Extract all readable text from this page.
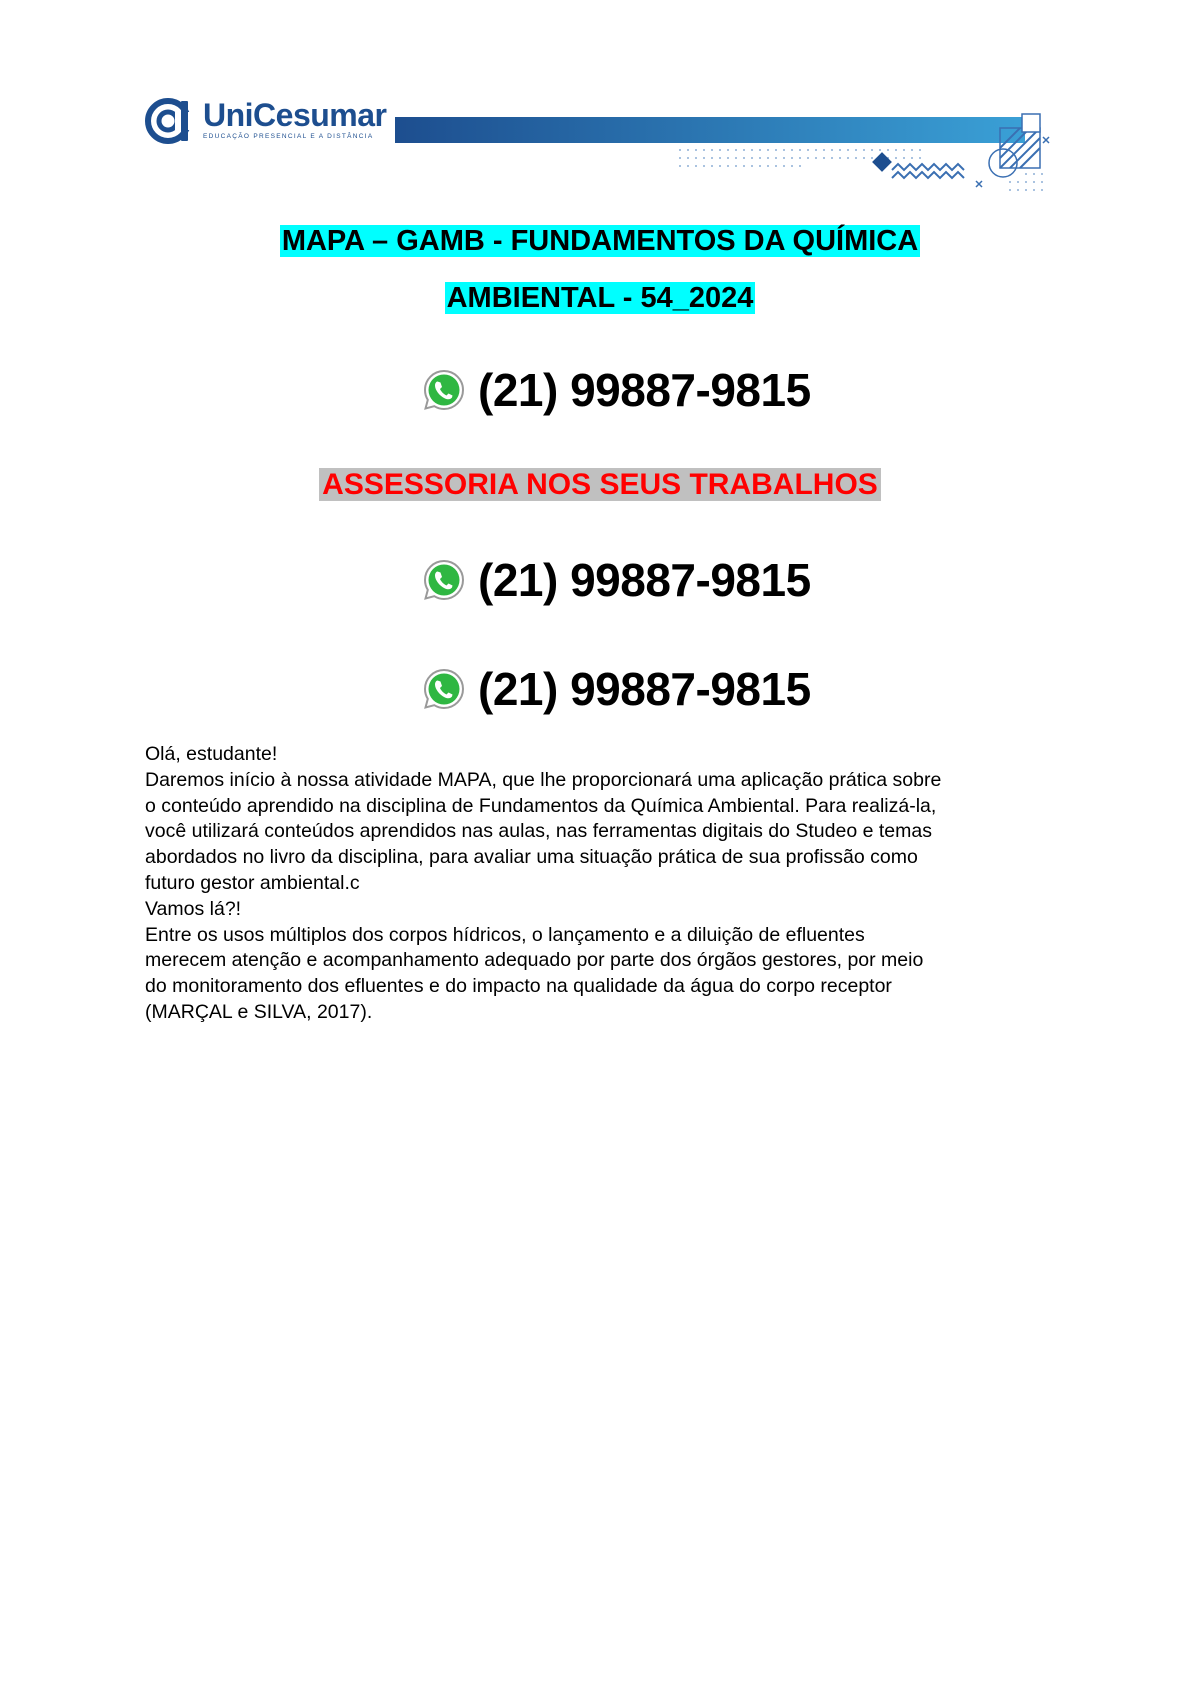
UniCesumar
EDUCAÇÃO PRESENCIAL E A DISTÂNCIA
MAPA – GAMB - FUNDAMENTOS DA QUÍMICA
AMBIENTAL - 54_2024
(21) 99887-9815
ASSESSORIA NOS SEUS TRABALHOS
(21) 99887-9815
(21) 99887-9815

Olá, estudante!

Daremos início à nossa atividade MAPA, que lhe proporcionará uma aplicação prática sobre

o conteúdo aprendido na disciplina de Fundamentos da Química Ambiental. Para realizá-la,

você utilizará conteúdos aprendidos nas aulas, nas ferramentas digitais do Studeo e temas

abordados no livro da disciplina, para avaliar uma situação prática de sua profissão como

futuro gestor ambiental.c

Vamos lá?!

Entre os usos múltiplos dos corpos hídricos, o lançamento e a diluição de efluentes

merecem atenção e acompanhamento adequado por parte dos órgãos gestores, por meio

do monitoramento dos efluentes e do impacto na qualidade da água do corpo receptor

(MARÇAL e SILVA, 2017).
